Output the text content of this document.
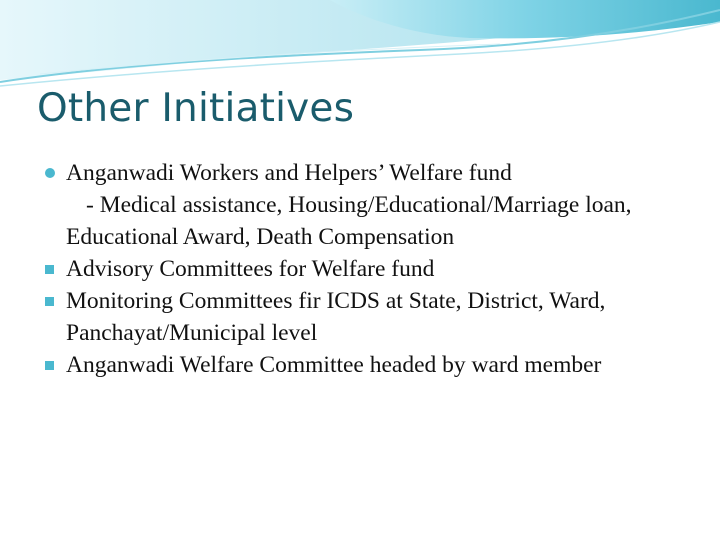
Other Initiatives
Anganwadi Workers and Helpers’ Welfare fund
- Medical assistance, Housing/Educational/Marriage loan, Educational Award, Death Compensation
Advisory Committees for Welfare fund
Monitoring Committees fir ICDS at State, District, Ward, Panchayat/Municipal level
Anganwadi Welfare Committee headed by ward member
